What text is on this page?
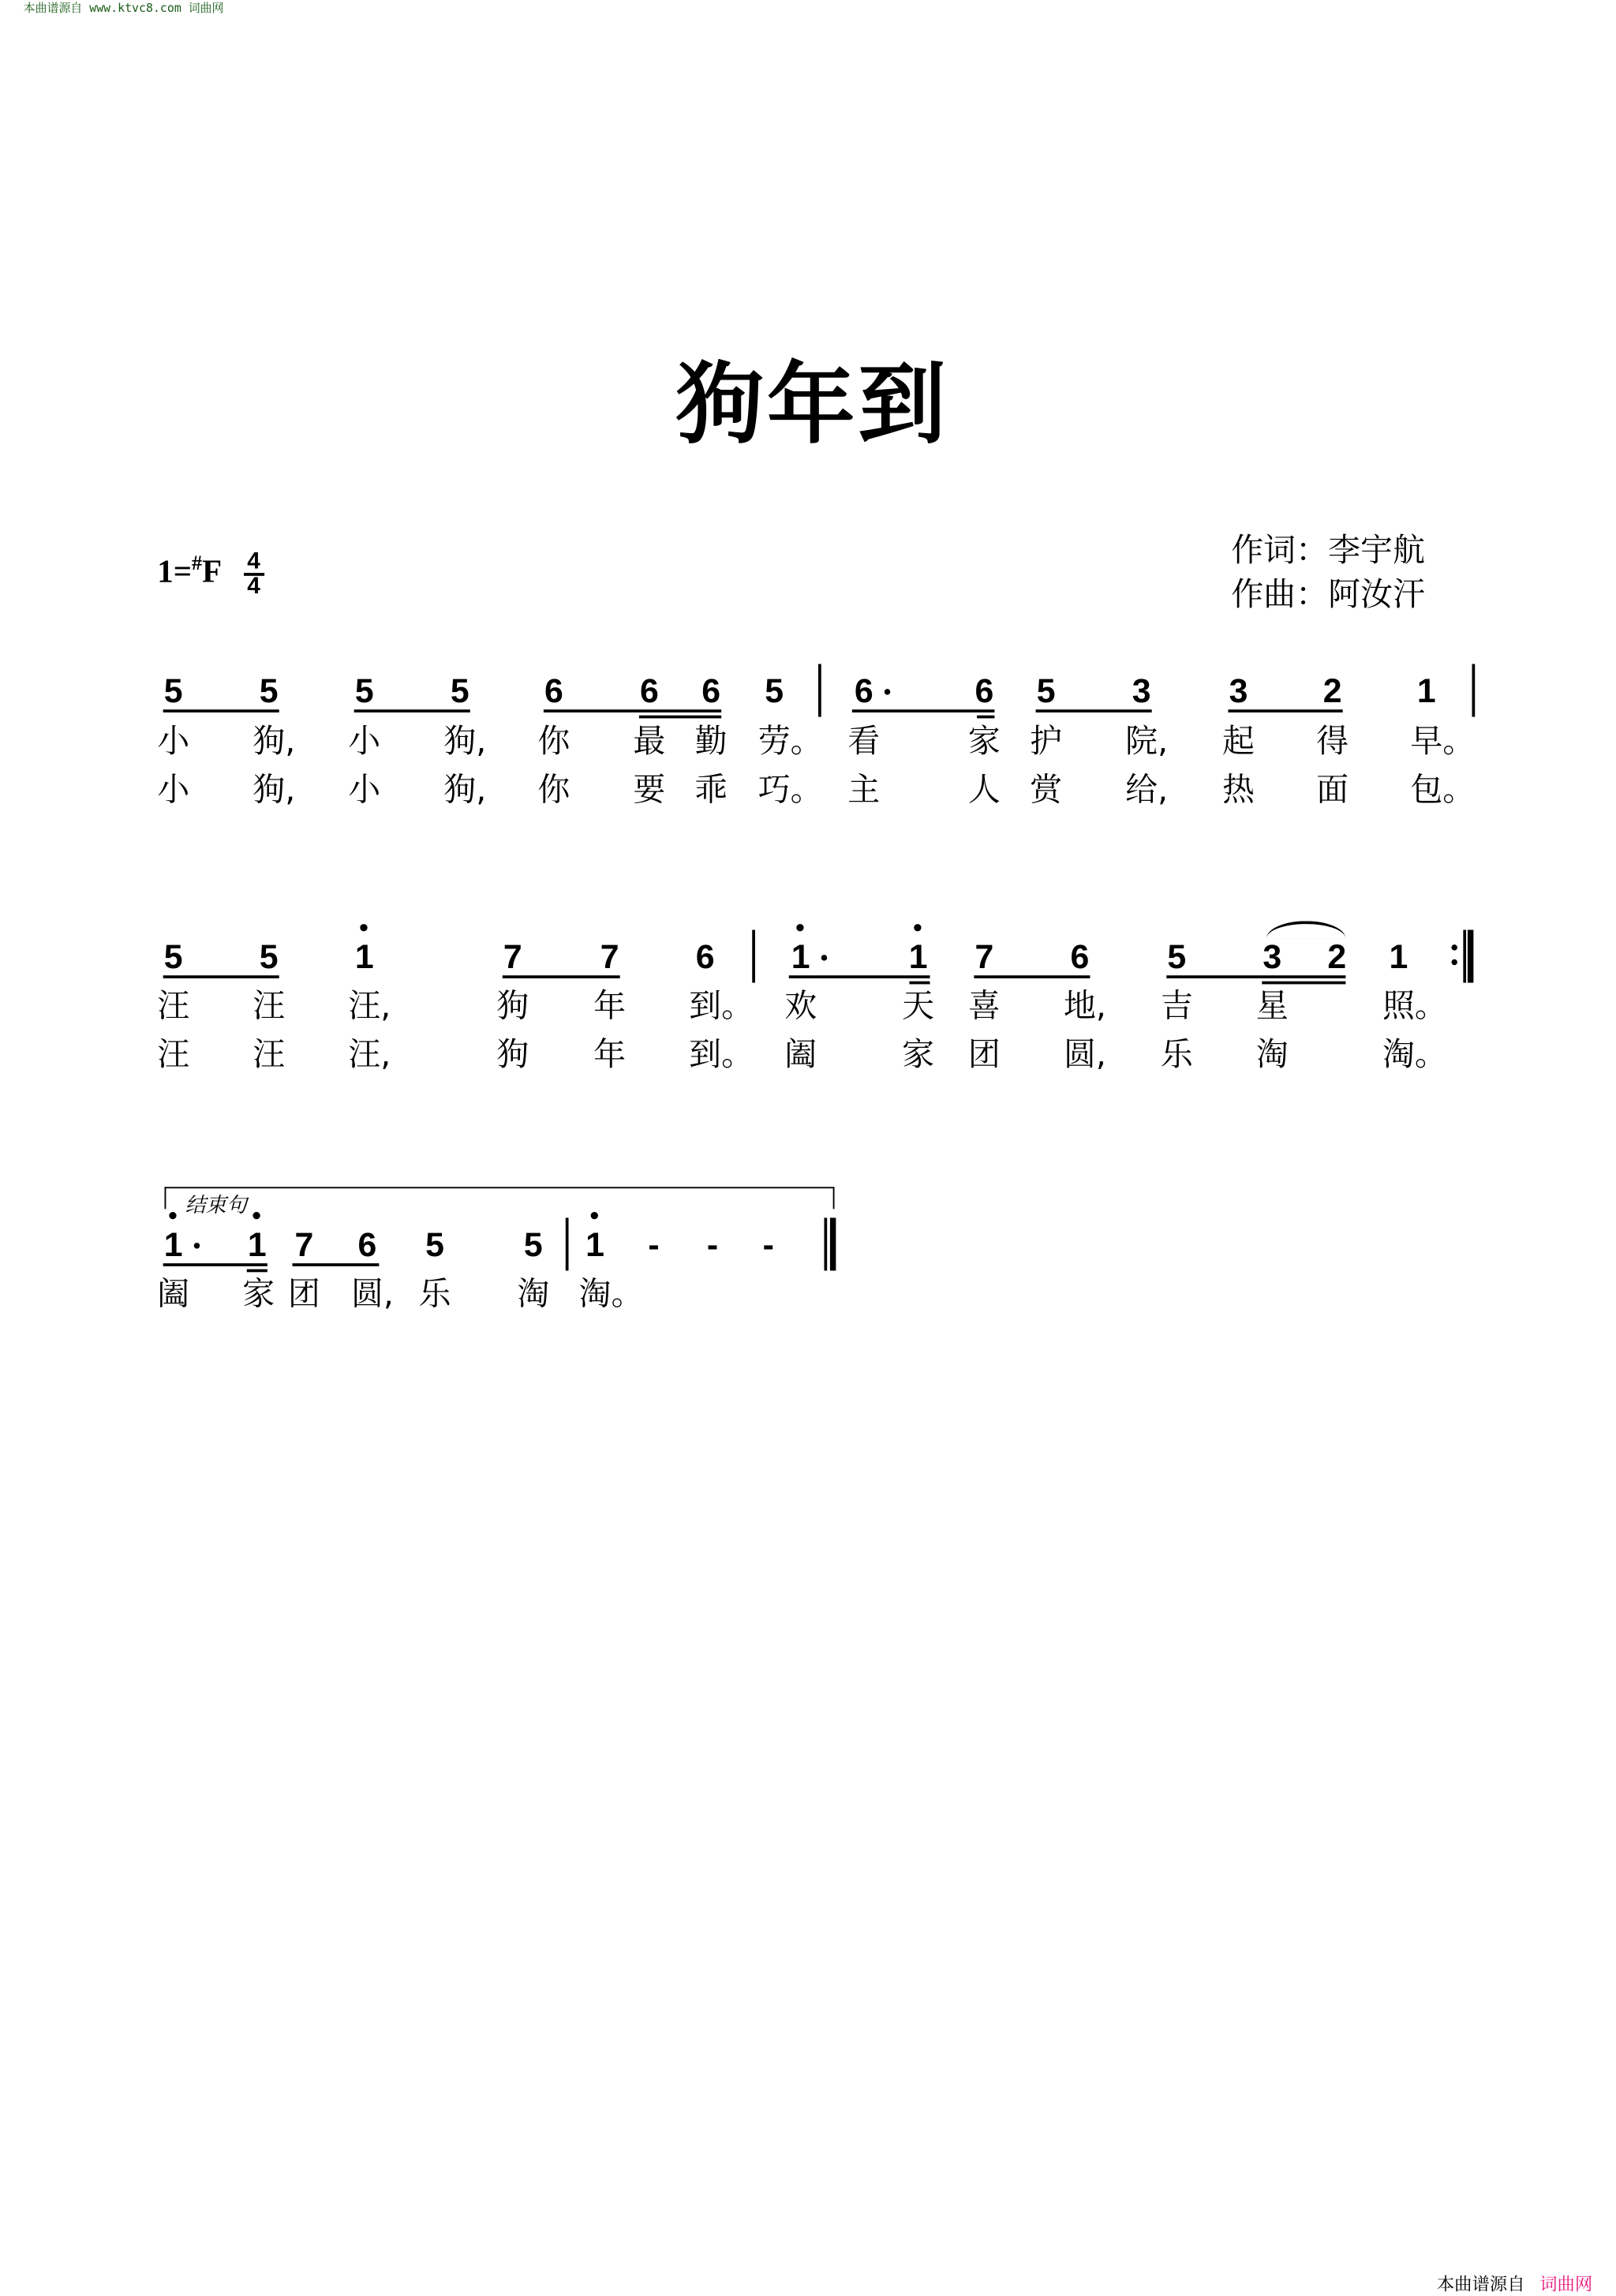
本曲谱源自 www.ktvc8.com 词曲网
狗年到
$1=^{\#}F \frac{4}{4}$	作词：李宇航
作曲：阿汝汗
结束句
5	5	5	5	6	6 6 5	6	6 5	3	3	2	1
小	狗,	小	狗,	你	最 勤 劳。 看	家 护	院,	起	得	早。
小	狗,	小	狗,	你	要 乖 巧。 主	人 赏	给,	热	面	包。
5	5	1	7	7	6	1	1	7	6	5	3	2 1
汪	汪	汪,	狗	年	到。 欢	天 喜	地,	吉	星	照。
汪	汪	汪,	狗	年	到。 阖	家 团	圆,	乐	淘	淘。
1	1 7 6	5	5 1 -	- -
阖	家 团 圆, 乐	淘 淘。
本曲谱源自 词曲网
